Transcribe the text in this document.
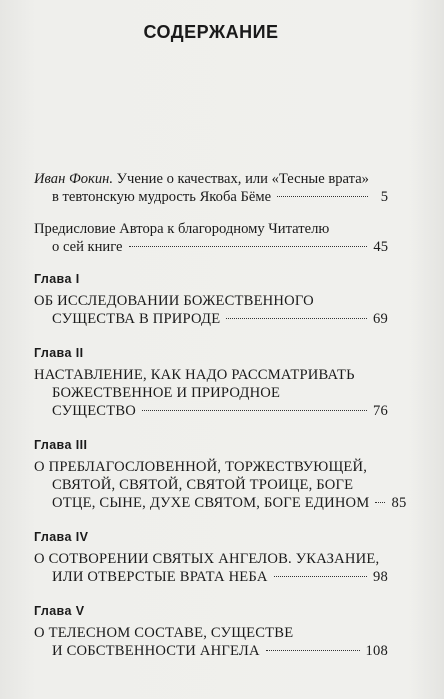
СОДЕРЖАНИЕ
Иван Фокин. Учение о качествах, или «Тесные врата»
в тевтонскую мудрость Якоба Бёме	5
Предисловие Автора к благородному Читателю
о сей книге	45
Глава I
ОБ ИССЛЕДОВАНИИ БОЖЕСТВЕННОГО
СУЩЕСТВА В ПРИРОДЕ	69
Глава II
НАСТАВЛЕНИЕ, КАК НАДО РАССМАТРИВАТЬ
БОЖЕСТВЕННОЕ И ПРИРОДНОЕ
СУЩЕСТВО	76
Глава III
О ПРЕБЛАГОСЛОВЕННОЙ, ТОРЖЕСТВУЮЩЕЙ,
СВЯТОЙ, СВЯТОЙ, СВЯТОЙ ТРОИЦЕ, БОГЕ
ОТЦЕ, СЫНЕ, ДУХЕ СВЯТОМ, БОГЕ ЕДИНОМ 85
Глава IV
О СОТВОРЕНИИ СВЯТЫХ АНГЕЛОВ. УКАЗАНИЕ,
ИЛИ ОТВЕРСТЫЕ ВРАТА НЕБА	98
Глава V
О ТЕЛЕСНОМ СОСТАВЕ, СУЩЕСТВЕ
И СОБСТВЕННОСТИ АНГЕЛА	108
